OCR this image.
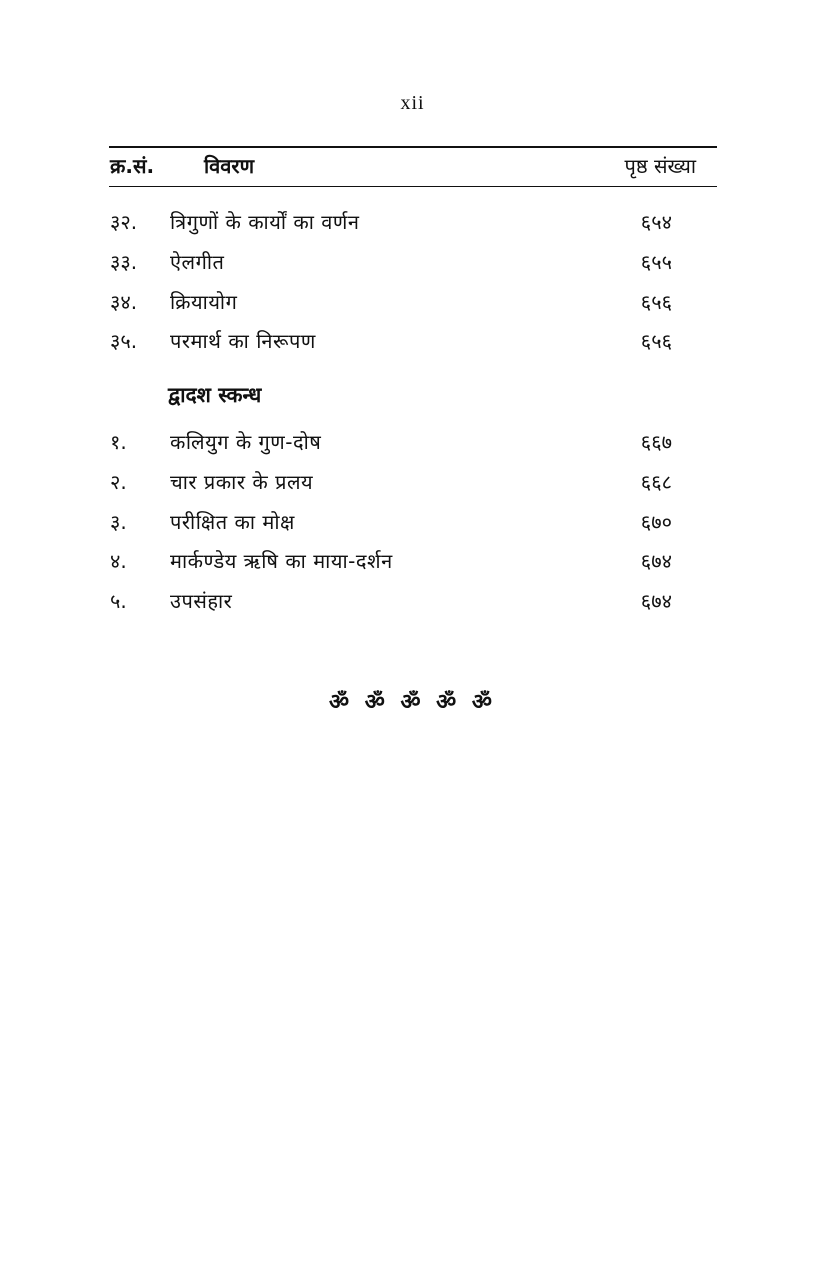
xii
क्र.सं. विवरण	पृष्ठ संख्या
३२. त्रिगुणों के कार्यों का वर्णन	६५४
३३. ऐलगीत	६५५
३४. क्रियायोग	६५६
३५. परमार्थ का निरूपण	६५६
द्वादश स्कन्ध
१. कलियुग के गुण-दोष	६६७
२. चार प्रकार के प्रलय	६६८
३. परीक्षित का मोक्ष	६७०
४. मार्कण्डेय ऋषि का माया-दर्शन	६७४
५. उपसंहार	६७४
ॐ ॐ ॐ ॐ ॐ
